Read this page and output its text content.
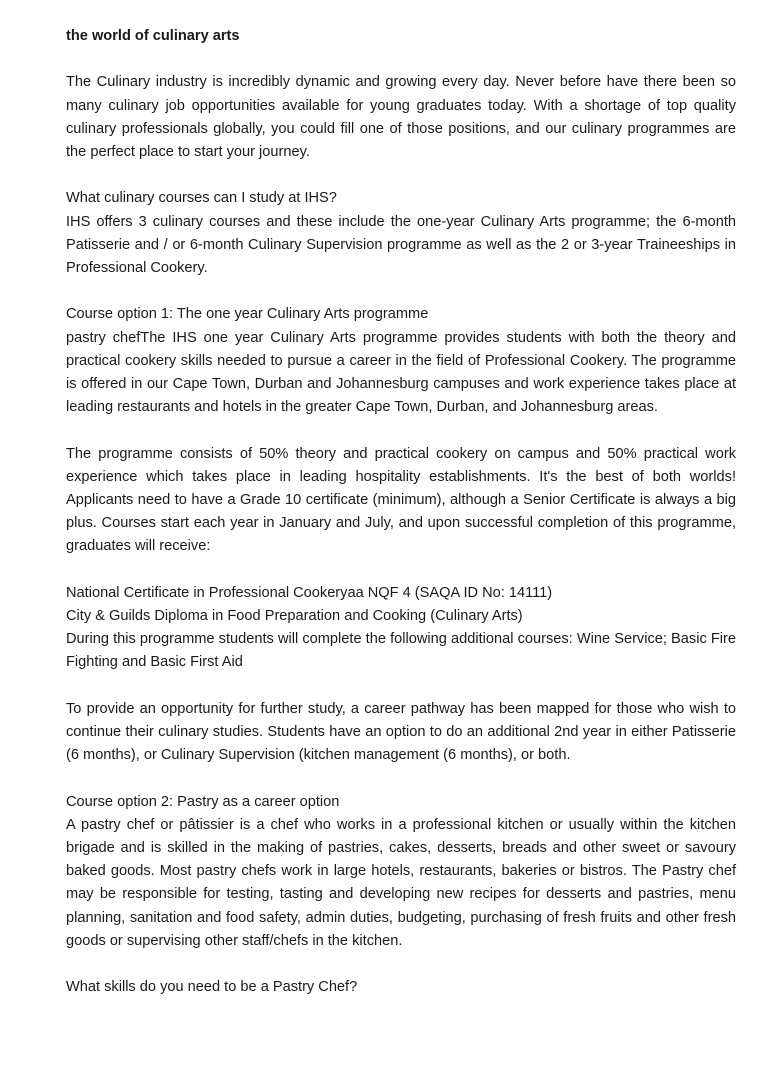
the world of culinary arts
The Culinary industry is incredibly dynamic and growing every day. Never before have there been so many culinary job opportunities available for young graduates today. With a shortage of top quality culinary professionals globally, you could fill one of those positions, and our culinary programmes are the perfect place to start your journey.
What culinary courses can I study at IHS?
IHS offers 3 culinary courses and these include the one-year Culinary Arts programme; the 6-month Patisserie and / or 6-month Culinary Supervision programme as well as the 2 or 3-year Traineeships in Professional Cookery.
Course option 1: The one year Culinary Arts programme
pastry chefThe IHS one year Culinary Arts programme provides students with both the theory and practical cookery skills needed to pursue a career in the field of Professional Cookery. The programme is offered in our Cape Town, Durban and Johannesburg campuses and work experience takes place at leading restaurants and hotels in the greater Cape Town, Durban, and Johannesburg areas.
The programme consists of 50% theory and practical cookery on campus and 50% practical work experience which takes place in leading hospitality establishments. It's the best of both worlds! Applicants need to have a Grade 10 certificate (minimum), although a Senior Certificate is always a big plus. Courses start each year in January and July, and upon successful completion of this programme, graduates will receive:
National Certificate in Professional Cookeryaa NQF 4 (SAQA ID No: 14111)
City & Guilds Diploma in Food Preparation and Cooking (Culinary Arts)
During this programme students will complete the following additional courses: Wine Service; Basic Fire Fighting and Basic First Aid
To provide an opportunity for further study, a career pathway has been mapped for those who wish to continue their culinary studies. Students have an option to do an additional 2nd year in either Patisserie (6 months), or Culinary Supervision (kitchen management (6 months), or both.
Course option 2: Pastry as a career option
A pastry chef or pâtissier is a chef who works in a professional kitchen or usually within the kitchen brigade and is skilled in the making of pastries, cakes, desserts, breads and other sweet or savoury baked goods. Most pastry chefs work in large hotels, restaurants, bakeries or bistros. The Pastry chef may be responsible for testing, tasting and developing new recipes for desserts and pastries, menu planning, sanitation and food safety, admin duties, budgeting, purchasing of fresh fruits and other fresh goods or supervising other staff/chefs in the kitchen.
What skills do you need to be a Pastry Chef?
